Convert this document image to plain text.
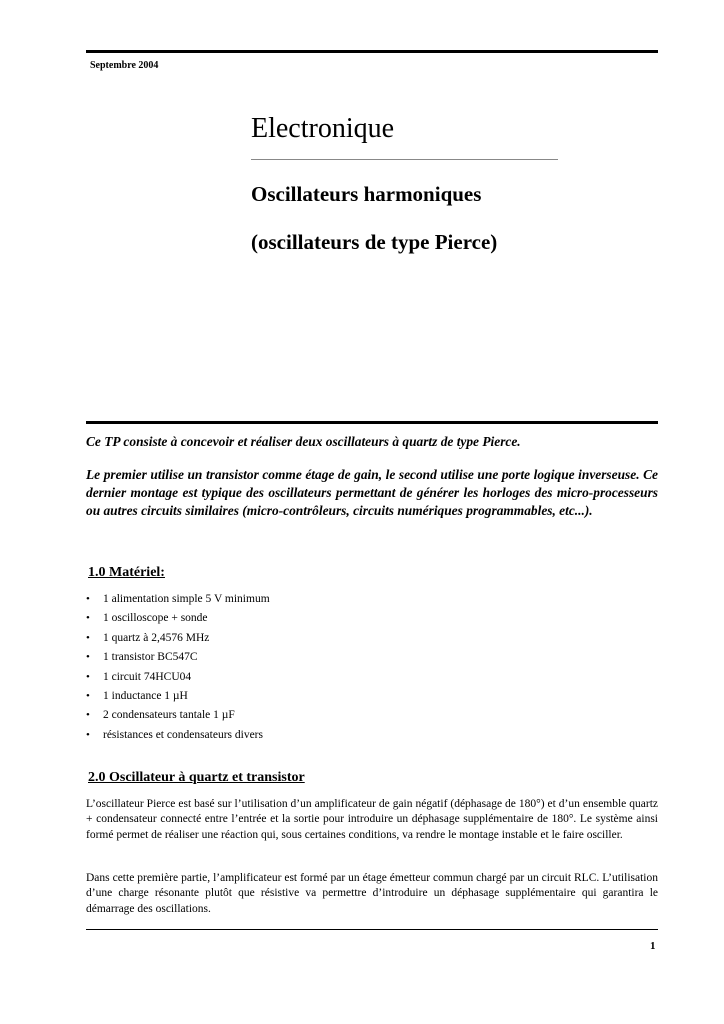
Septembre 2004
Electronique
Oscillateurs harmoniques
(oscillateurs de type Pierce)
Ce TP consiste à concevoir et réaliser deux oscillateurs à quartz de type Pierce.
Le premier utilise un transistor comme étage de gain, le second utilise une porte logique inverseuse. Ce dernier montage est typique des oscillateurs permettant de générer les horloges des micro-processeurs ou autres circuits similaires (micro-contrôleurs, circuits numériques programmables, etc...).
1.0 Matériel:
• 1 alimentation simple 5 V minimum
• 1 oscilloscope + sonde
• 1 quartz à 2,4576 MHz
• 1 transistor BC547C
• 1 circuit 74HCU04
• 1 inductance 1 µH
• 2 condensateurs tantale 1 µF
• résistances et condensateurs divers
2.0 Oscillateur à quartz et transistor
L’oscillateur Pierce est basé sur l’utilisation d’un amplificateur de gain négatif (déphasage de 180°) et d’un ensemble quartz + condensateur connecté entre l’entrée et la sortie pour introduire un déphasage supplémentaire de 180°. Le système ainsi formé permet de réaliser une réaction qui, sous certaines conditions, va rendre le montage instable et le faire osciller.
Dans cette première partie, l’amplificateur est formé par un étage émetteur commun chargé par un circuit RLC. L’utilisation d’une charge résonante plutôt que résistive va permettre d’introduire un déphasage supplémentaire qui garantira le démarrage des oscillations.
1
